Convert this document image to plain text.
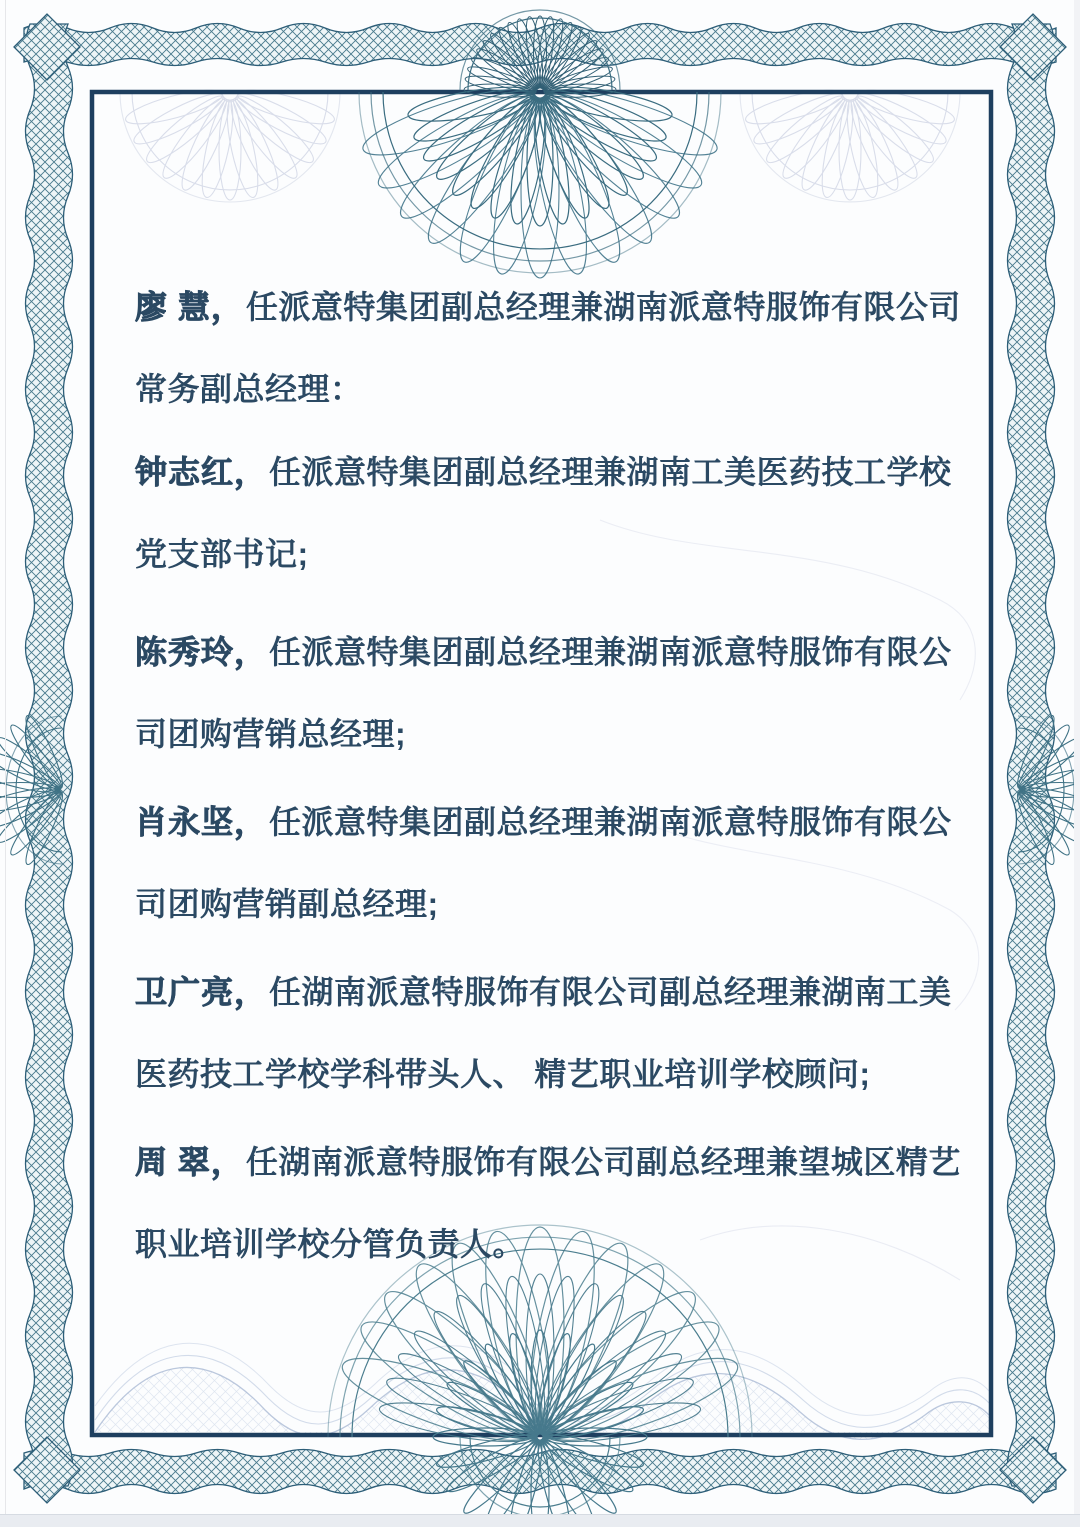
廖 慧， 任派意特集团副总经理兼湖南派意特服饰有限公司
常务副总经理：
钟志红， 任派意特集团副总经理兼湖南工美医药技工学校
党支部书记;
陈秀玲， 任派意特集团副总经理兼湖南派意特服饰有限公
司团购营销总经理;
肖永坚， 任派意特集团副总经理兼湖南派意特服饰有限公
司团购营销副总经理;
卫广亮， 任湖南派意特服饰有限公司副总经理兼湖南工美
医药技工学校学科带头人、 精艺职业培训学校顾问;
周 翠， 任湖南派意特服饰有限公司副总经理兼望城区精艺
职业培训学校分管负责人。
